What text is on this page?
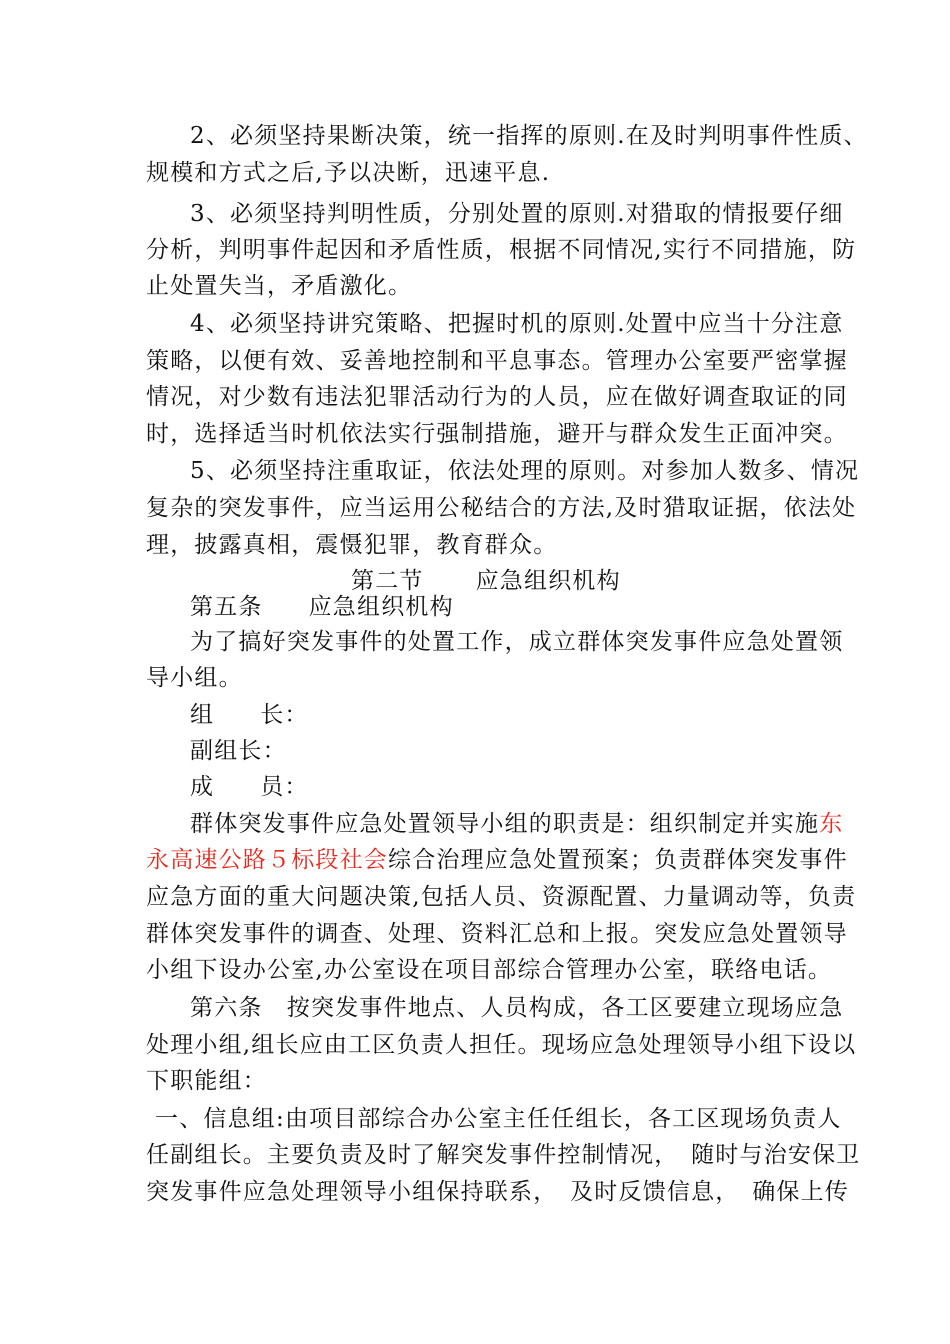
2、必须坚持果断决策，统一指挥的原则.在及时判明事件性质、
规模和方式之后,予以决断，迅速平息.
3、必须坚持判明性质，分别处置的原则.对猎取的情报要仔细
分析，判明事件起因和矛盾性质，根据不同情况,实行不同措施，防
止处置失当，矛盾激化。
4、必须坚持讲究策略、把握时机的原则.处置中应当十分注意
策略，以便有效、妥善地控制和平息事态。管理办公室要严密掌握
情况，对少数有违法犯罪活动行为的人员，应在做好调查取证的同
时，选择适当时机依法实行强制措施，避开与群众发生正面冲突。
5、必须坚持注重取证，依法处理的原则。对参加人数多、情况
复杂的突发事件，应当运用公秘结合的方法,及时猎取证据，依法处
理，披露真相，震慑犯罪，教育群众。
第二节 应急组织机构
第五条 应急组织机构
为了搞好突发事件的处置工作，成立群体突发事件应急处置领
导小组。
组 长：
副组长：
成 员：
群体突发事件应急处置领导小组的职责是：组织制定并实施东
永高速公路５标段社会综合治理应急处置预案；负责群体突发事件
应急方面的重大问题决策,包括人员、资源配置、力量调动等，负责
群体突发事件的调查、处理、资料汇总和上报。突发应急处置领导
小组下设办公室,办公室设在项目部综合管理办公室，联络电话。
第六条　按突发事件地点、人员构成，各工区要建立现场应急
处理小组,组长应由工区负责人担任。现场应急处理领导小组下设以
下职能组：
一、信息组:由项目部综合办公室主任任组长，各工区现场负责人
任副组长。主要负责及时了解突发事件控制情况，　随时与治安保卫
突发事件应急处理领导小组保持联系，　及时反馈信息，　确保上传
